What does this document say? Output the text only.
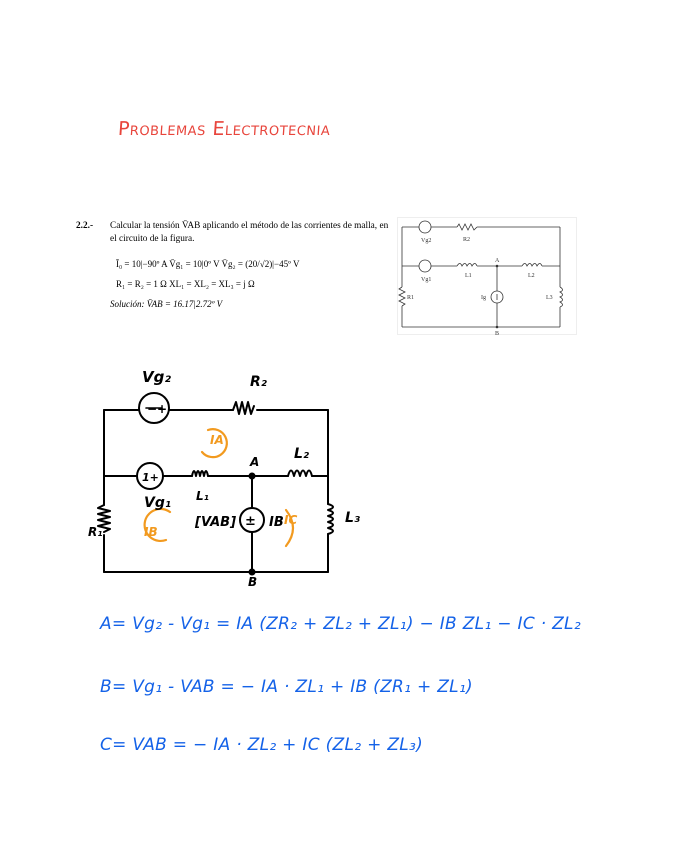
Problemas Electrotecnia
2.2.- Calcular la tensión V̄AB aplicando el método de las corrientes de malla, en el circuito de la figura.
Ī₀ = 10|−90º A V̄g₁ = 10|0º V V̄g₂ = (20/√2)|−45º V
R₁ = R₂ = 1 Ω XL₁ = XL₂ = XL₃ = j Ω
Solución: V̄AB = 16.17|2.72º V
Vg2	R2
Vg1
L1
A
L2
R1	Ig	L3
B
Vg₂
−+
R₂
1+
Vg₁ L₁
A L₂
R₁
L₃
B
[VAB] ± IB
IA
IB
IC
A= Vg₂ - Vg₁ = IA (ZR₂ + ZL₂ + ZL₁) − IB ZL₁ − IC · ZL₂
B= Vg₁ - VAB = − IA · ZL₁ + IB (ZR₁ + ZL₁)
C= VAB = − IA · ZL₂ + IC (ZL₂ + ZL₃)
